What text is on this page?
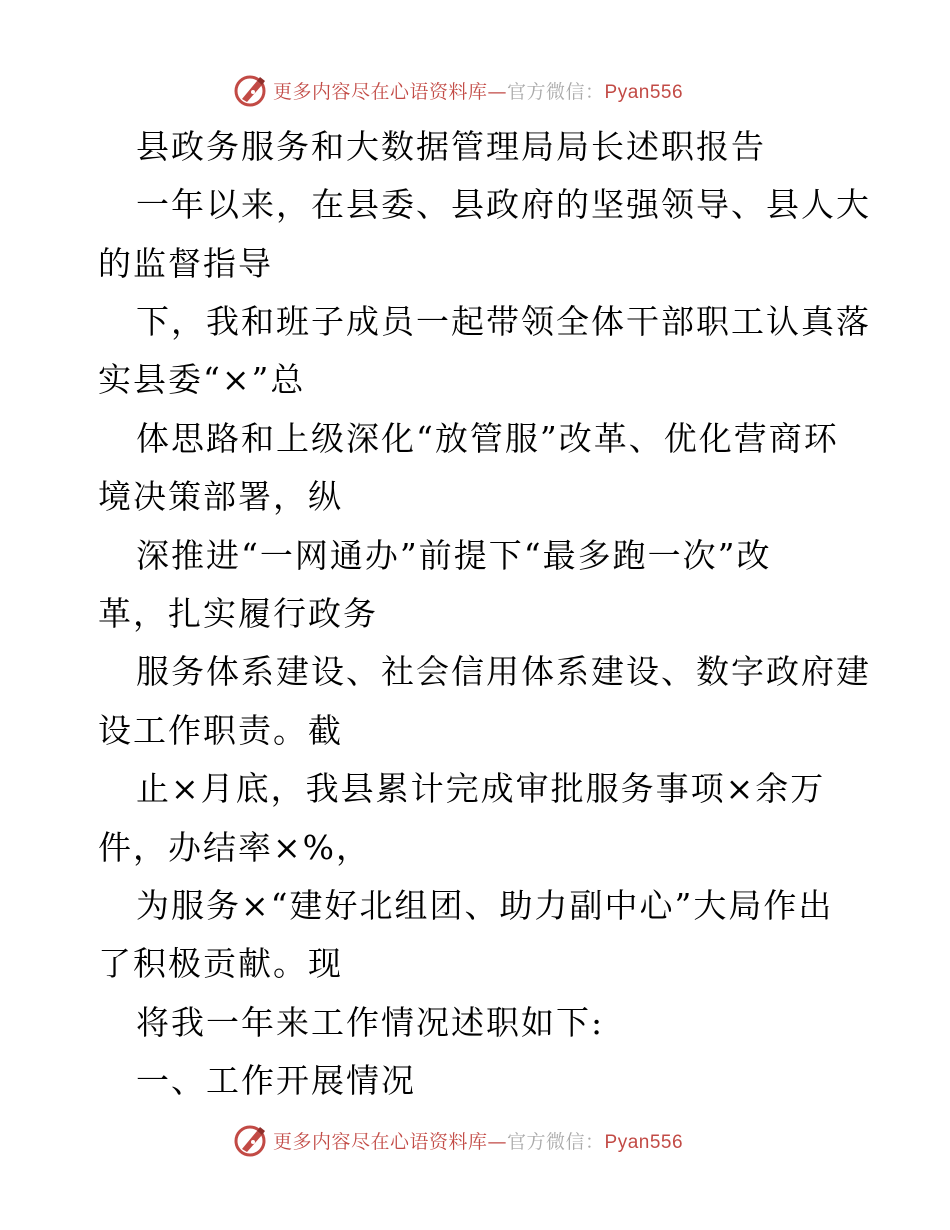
更多内容尽在心语资料库—官方微信：Pyan556
县政务服务和大数据管理局局长述职报告
一年以来，在县委、县政府的坚强领导、县人大
的监督指导
下，我和班子成员一起带领全体干部职工认真落
实县委“×”总
体思路和上级深化“放管服”改革、优化营商环
境决策部署，纵
深推进“一网通办”前提下“最多跑一次”改
革，扎实履行政务
服务体系建设、社会信用体系建设、数字政府建
设工作职责。截
止×月底，我县累计完成审批服务事项×余万
件，办结率×%，
为服务×“建好北组团、助力副中心”大局作出
了积极贡献。现
将我一年来工作情况述职如下:
一、工作开展情况
更多内容尽在心语资料库—官方微信：Pyan556
